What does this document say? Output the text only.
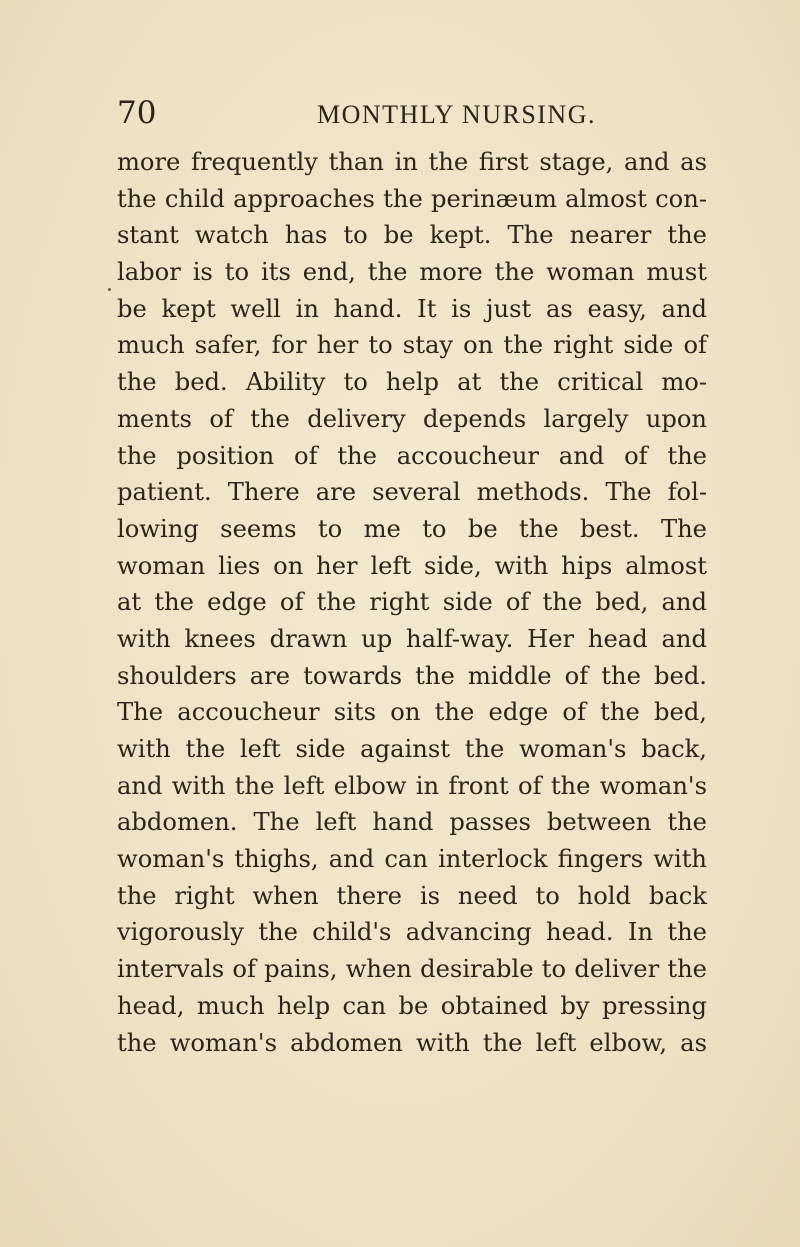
70	MONTHLY NURSING.
more frequently than in the first stage, and as
the child approaches the perinæum almost con-
stant watch has to be kept. The nearer the
labor is to its end, the more the woman must
be kept well in hand. It is just as easy, and
much safer, for her to stay on the right side of
the bed. Ability to help at the critical mo-
ments of the delivery depends largely upon
the position of the accoucheur and of the
patient. There are several methods. The fol-
lowing seems to me to be the best. The
woman lies on her left side, with hips almost
at the edge of the right side of the bed, and
with knees drawn up half-way. Her head and
shoulders are towards the middle of the bed.
The accoucheur sits on the edge of the bed,
with the left side against the woman's back,
and with the left elbow in front of the woman's
abdomen. The left hand passes between the
woman's thighs, and can interlock fingers with
the right when there is need to hold back
vigorously the child's advancing head. In the
intervals of pains, when desirable to deliver the
head, much help can be obtained by pressing
the woman's abdomen with the left elbow, as
